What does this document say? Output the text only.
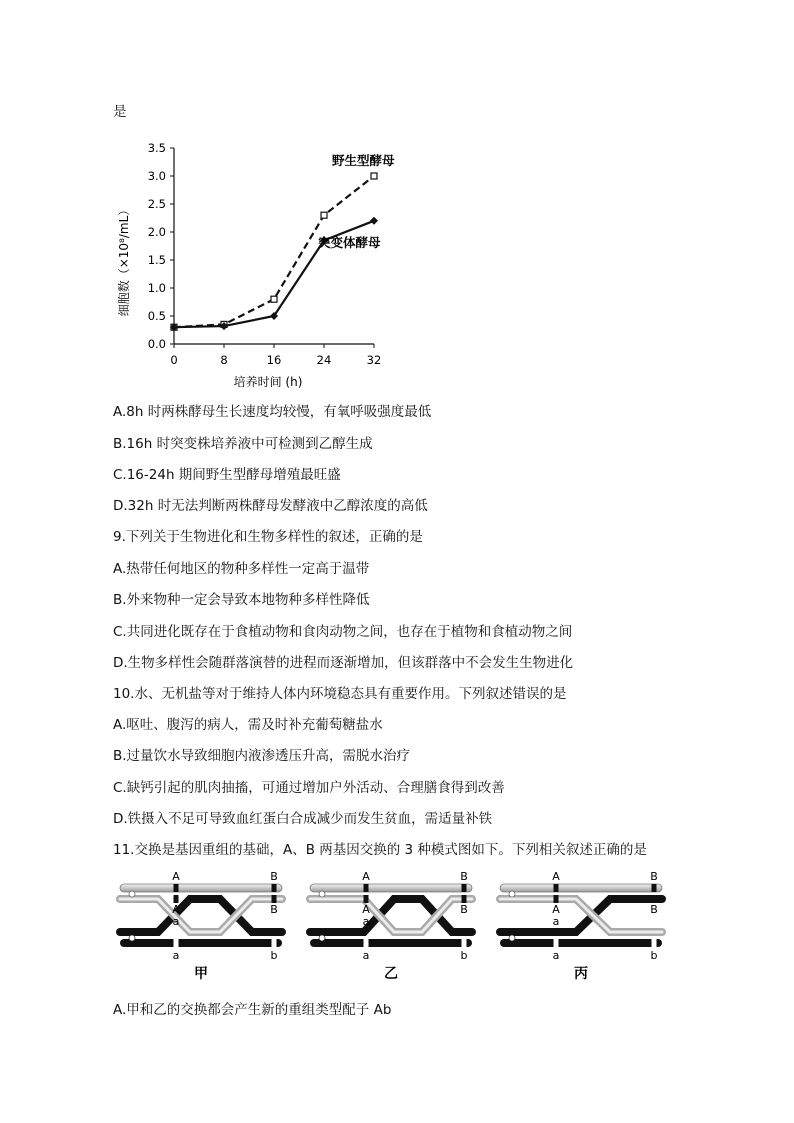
是
0.0
0.5
1.0
1.5
2.0
2.5
3.0
3.5
0	8	16	24	32
培养时间 (h)
细胞数（×10⁸/mL）
野生型酵母
突变体酵母
A.8h 时两株酵母生长速度均较慢，有氧呼吸强度最低
B.16h 时突变株培养液中可检测到乙醇生成
C.16-24h 期间野生型酵母增殖最旺盛
D.32h 时无法判断两株酵母发酵液中乙醇浓度的高低
9.下列关于生物进化和生物多样性的叙述，正确的是
A.热带任何地区的物种多样性一定高于温带
B.外来物种一定会导致本地物种多样性降低
C.共同进化既存在于食植动物和食肉动物之间，也存在于植物和食植动物之间
D.生物多样性会随群落演替的进程而逐渐增加，但该群落中不会发生生物进化
10.水、无机盐等对于维持人体内环境稳态具有重要作用。下列叙述错误的是
A.呕吐、腹泻的病人，需及时补充葡萄糖盐水
B.过量饮水导致细胞内液渗透压升高，需脱水治疗
C.缺钙引起的肌肉抽搐，可通过增加户外活动、合理膳食得到改善
D.铁摄入不足可导致血红蛋白合成减少而发生贫血，需适量补铁
11.交换是基因重组的基础，A、B 两基因交换的 3 种模式图如下。下列相关叙述正确的是
A	B
A	B
a
a	b
甲
A	B
A	B
a
a	b
乙
A	B
A	B
a
a	b
丙
A.甲和乙的交换都会产生新的重组类型配子 Ab
